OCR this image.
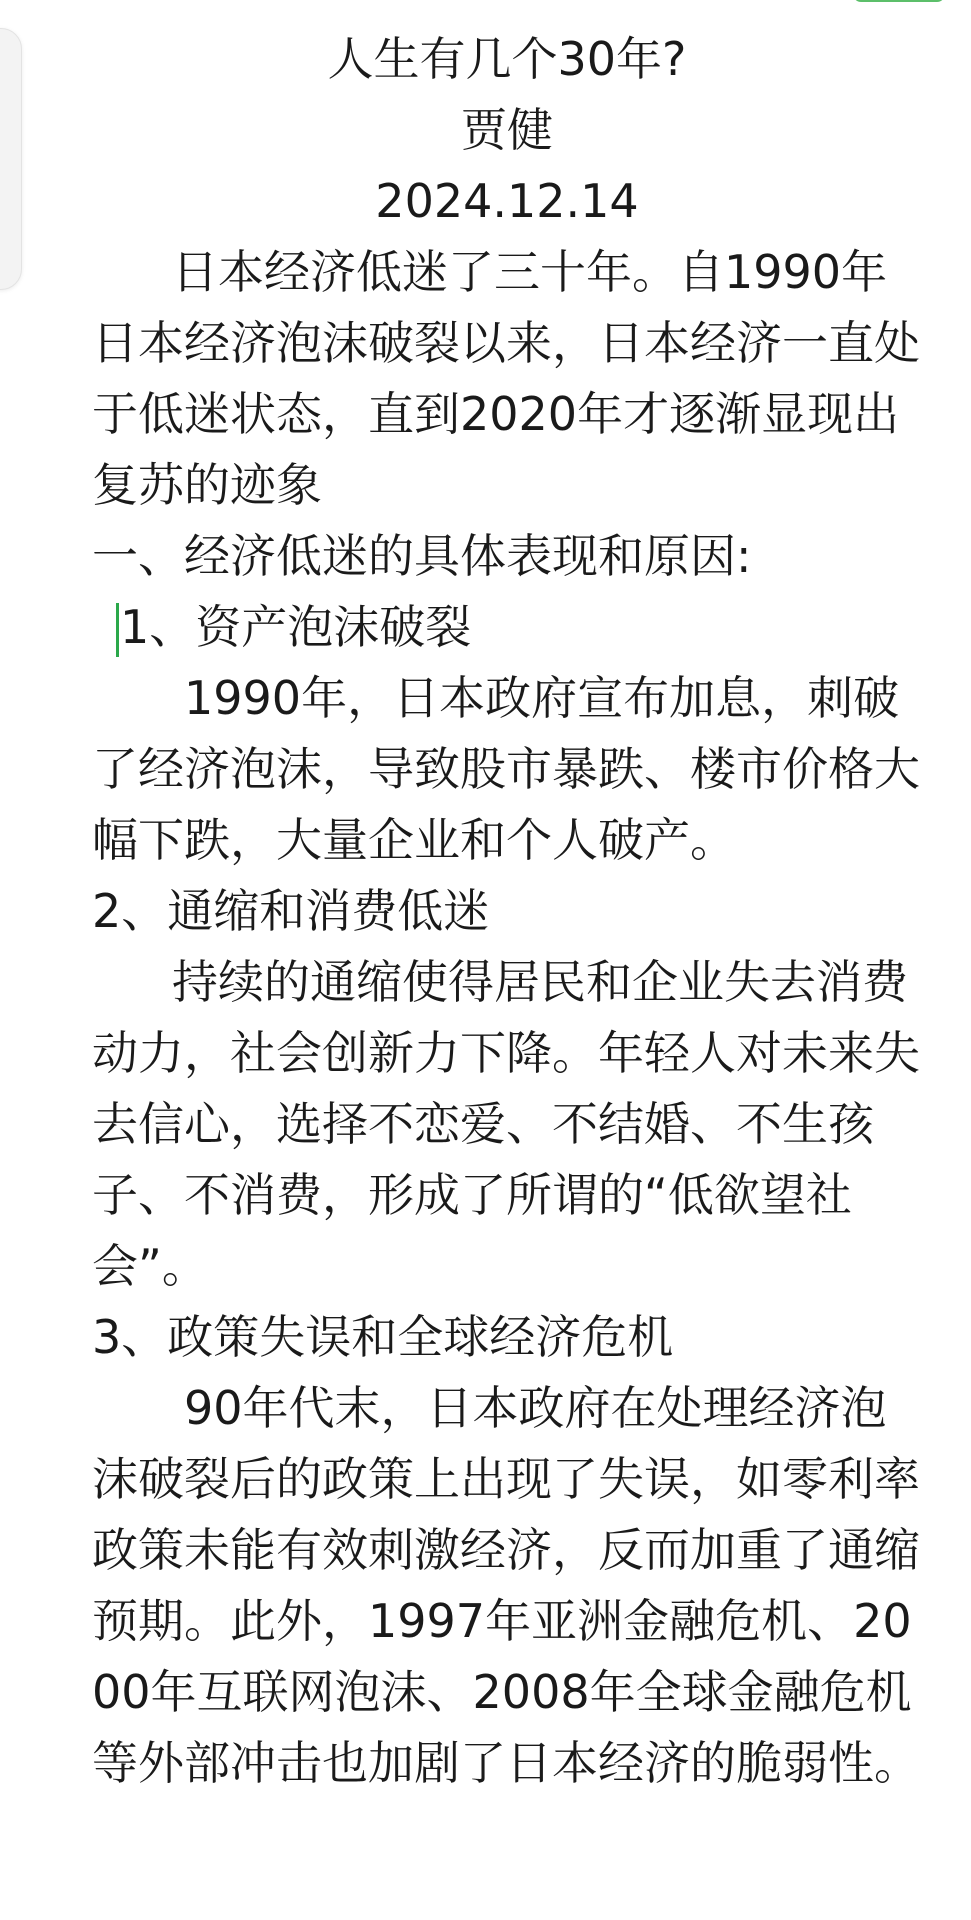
人生有几个30年?
贾健
2024.12.14

日本经济低迷了三十年。自1990年日本经济泡沫破裂以来，日本经济一直处于低迷状态，直到2020年才逐渐显现出复苏的迹象

一、经济低迷的具体表现和原因:
1、资产泡沫破裂

1990年，日本政府宣布加息，刺破了经济泡沫，导致股市暴跌、楼市价格大幅下跌，大量企业和个人破产。

2、通缩和消费低迷

持续的通缩使得居民和企业失去消费动力，社会创新力下降。年轻人对未来失去信心，选择不恋爱、不结婚、不生孩子、不消费，形成了所谓的“低欲望社会”。

3、政策失误和全球经济危机

90年代末，日本政府在处理经济泡沫破裂后的政策上出现了失误，如零利率政策未能有效刺激经济，反而加重了通缩预期。此外，1997年亚洲金融危机、2000年互联网泡沫、2008年全球金融危机等外部冲击也加剧了日本经济的脆弱性。
